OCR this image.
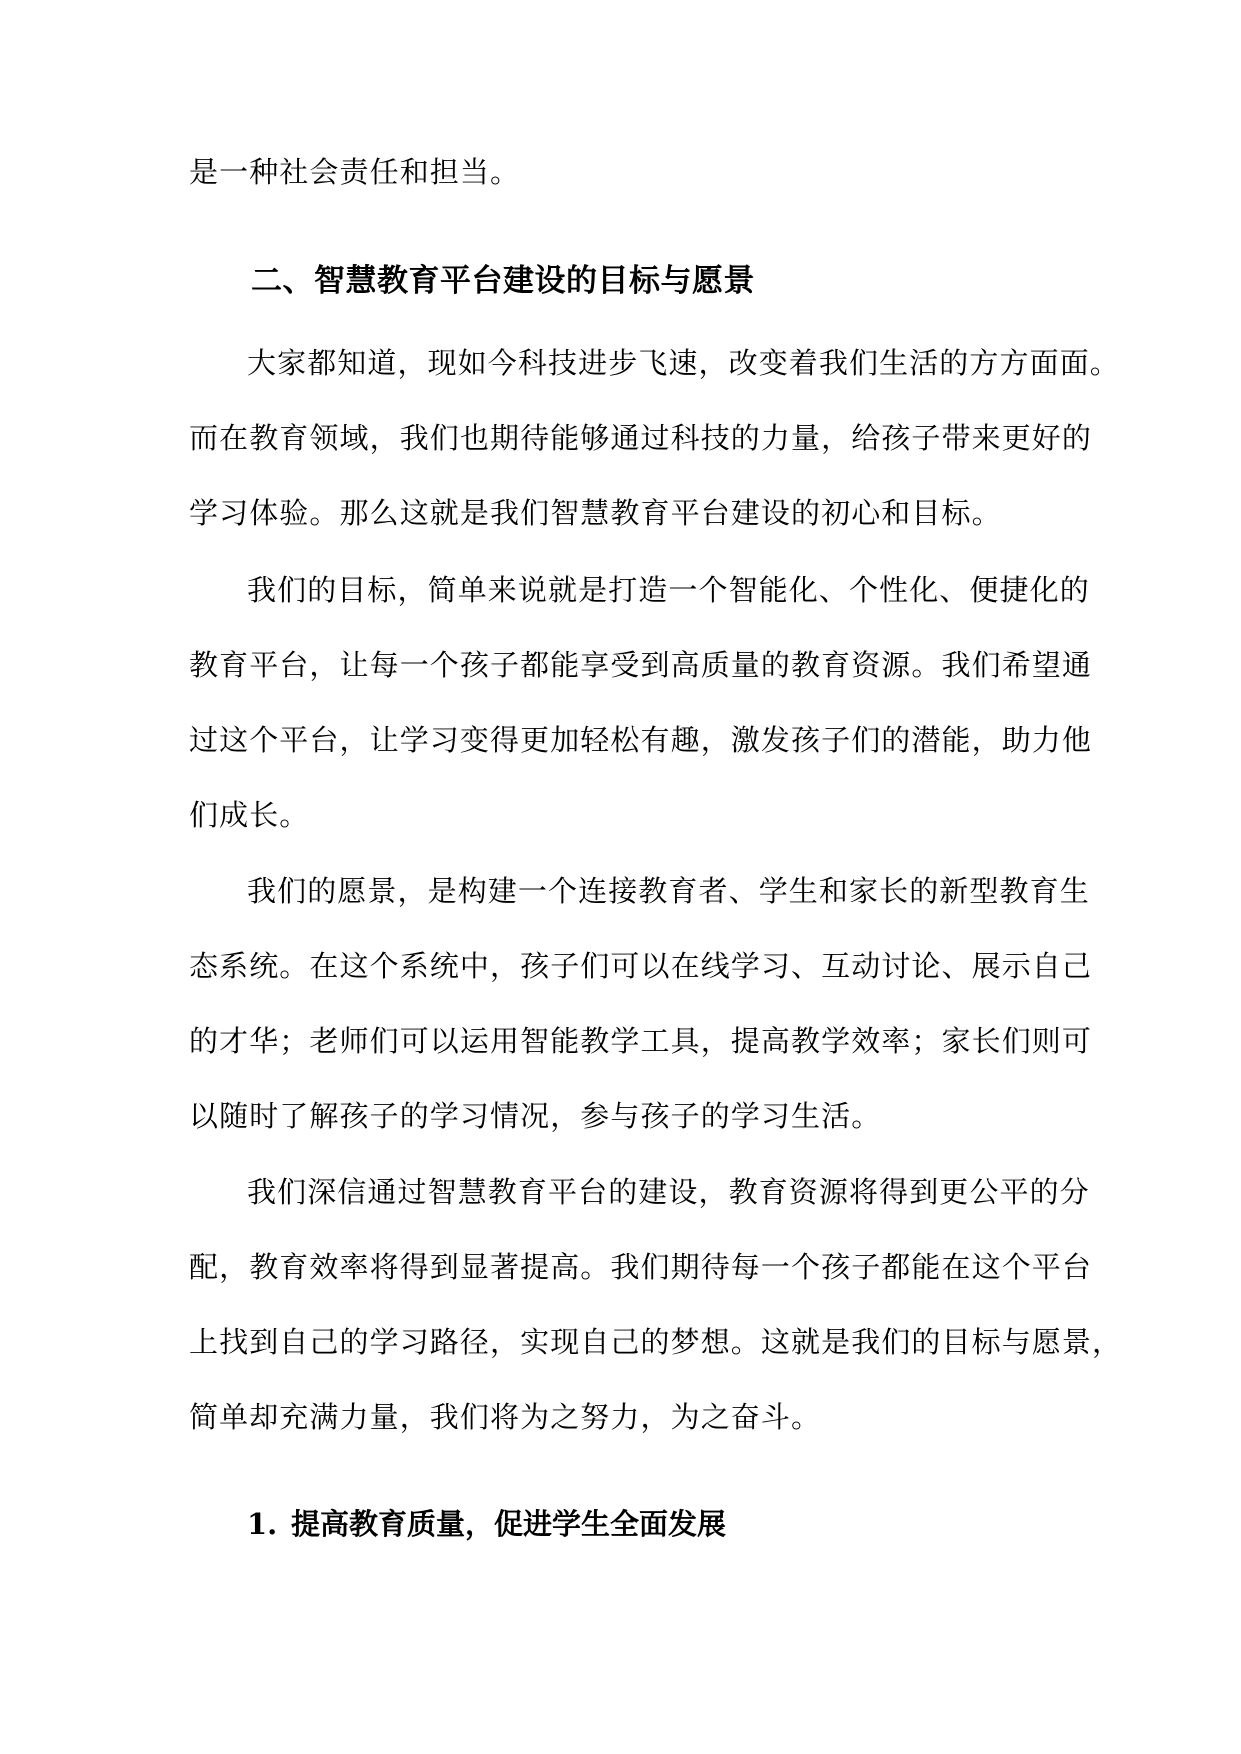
是一种社会责任和担当。

二、智慧教育平台建设的目标与愿景

大家都知道，现如今科技进步飞速，改变着我们生活的方方面面。

而在教育领域，我们也期待能够通过科技的力量，给孩子带来更好的

学习体验。那么这就是我们智慧教育平台建设的初心和目标。

我们的目标，简单来说就是打造一个智能化、个性化、便捷化的

教育平台，让每一个孩子都能享受到高质量的教育资源。我们希望通

过这个平台，让学习变得更加轻松有趣，激发孩子们的潜能，助力他

们成长。

我们的愿景，是构建一个连接教育者、学生和家长的新型教育生

态系统。在这个系统中，孩子们可以在线学习、互动讨论、展示自己

的才华；老师们可以运用智能教学工具，提高教学效率；家长们则可

以随时了解孩子的学习情况，参与孩子的学习生活。

我们深信通过智慧教育平台的建设，教育资源将得到更公平的分

配，教育效率将得到显著提高。我们期待每一个孩子都能在这个平台

上找到自己的学习路径，实现自己的梦想。这就是我们的目标与愿景，

简单却充满力量，我们将为之努力，为之奋斗。

1. 提高教育质量，促进学生全面发展
